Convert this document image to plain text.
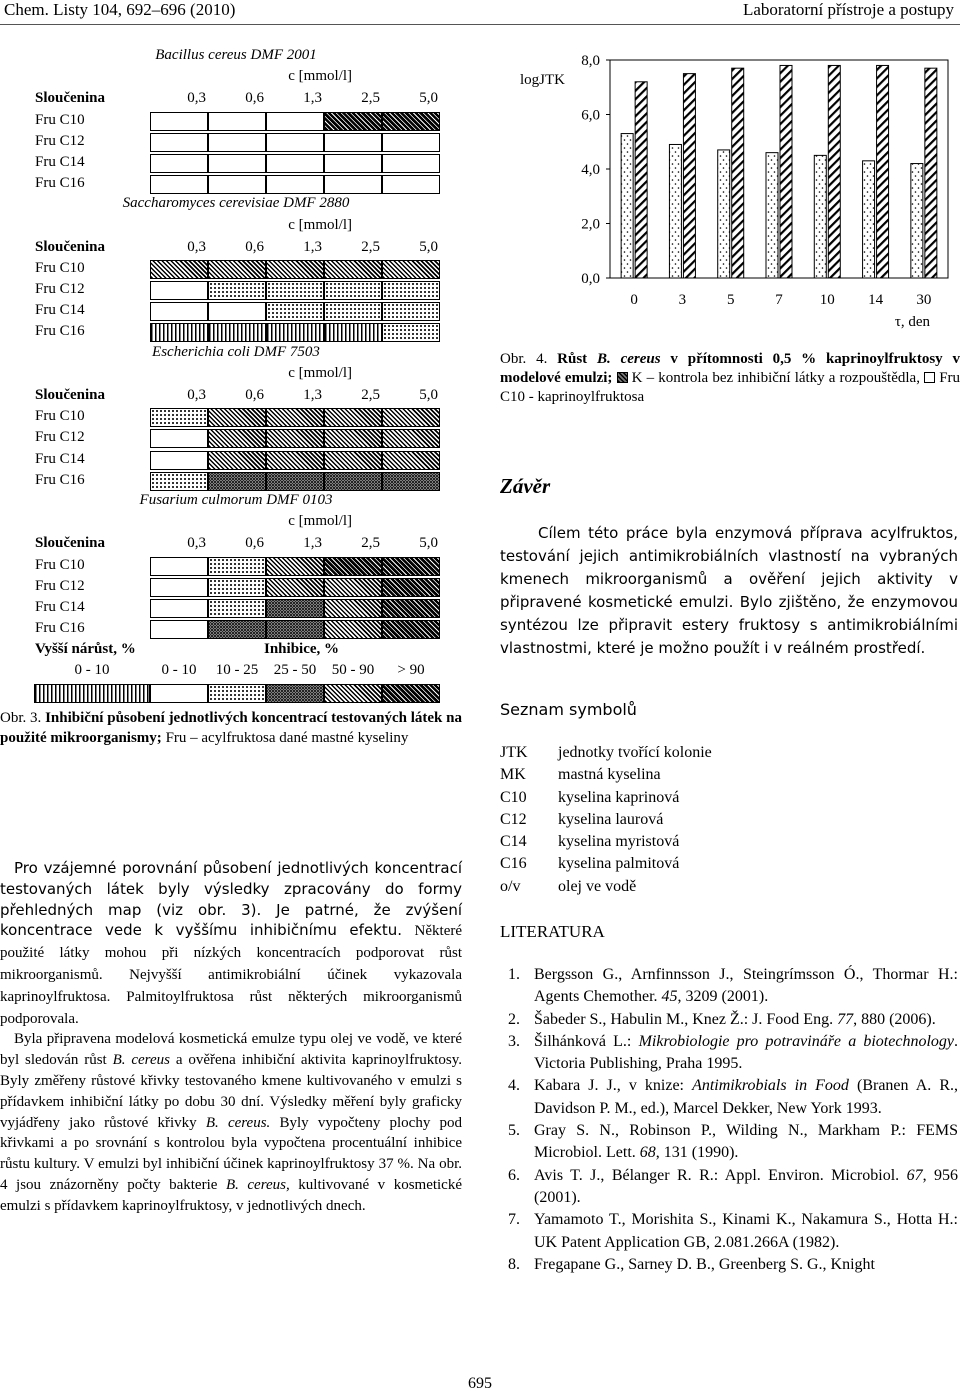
Chem. Listy 104, 692–696 (2010)	Laboratorní přístroje a postupy
Bacillus cereus DMF 2001
c [mmol/l]
Sloučenina	0,3	0,6	1,3	2,5	5,0
Fru C10
Fru C12
Fru C14
Fru C16
Saccharomyces cerevisiae DMF 2880
c [mmol/l]
Sloučenina	0,3	0,6	1,3	2,5	5,0
Fru C10
Fru C12
Fru C14
Fru C16
Escherichia coli DMF 7503
c [mmol/l]
Sloučenina	0,3	0,6	1,3	2,5	5,0
Fru C10
Fru C12
Fru C14
Fru C16
Fusarium culmorum DMF 0103
c [mmol/l]
Sloučenina	0,3	0,6	1,3	2,5	5,0
Fru C10
Fru C12
Fru C14
Fru C16
Vyšší nárůst, %	Inhibice, %
0 - 10	0 - 10	10 - 25	25 - 50	50 - 90	> 90
Obr. 3. Inhibiční působení jednotlivých koncentrací testovaných látek na použité mikroorganismy; Fru – acylfruktosa dané mastné kyseliny

Pro vzájemné porovnání působení jednotlivých koncentrací testovaných látek byly výsledky zpracovány do formy přehledných map (viz obr. 3). Je patrné, že zvýšení koncentrace vede k vyššímu inhibičnímu efektu. Některé použité látky mohou při nízkých koncentracích podporovat růst mikroorganismů. Nejvyšší antimikrobiální účinek vykazovala kaprinoylfruktosa. Palmitoylfruktosa růst některých mikroorganismů podporovala.

Byla připravena modelová kosmetická emulze typu olej ve vodě, ve které byl sledován růst B. cereus a ověřena inhibiční aktivita kaprinoylfruktosy. Byly změřeny růstové křivky testovaného kmene kultivovaného v emulzi s přídavkem inhibiční látky po dobu 30 dní. Výsledky měření byly graficky vyjádřeny jako růstové křivky B. cereus. Byly vypočteny plochy pod křivkami a po srovnání s kontrolou byla vypočtena procentuální inhibice růstu kultury. V emulzi byl inhibiční účinek kaprinoylfruktosy 37 %. Na obr. 4 jsou znázorněny počty bakterie B. cereus, kultivované v kosmetické emulzi s přídavkem kaprinoylfruktosy, v jednotlivých dnech.

0,0
2,0
4,0
6,0
8,0
logJTK
0	3	5	7 10 14 30
τ, den
Obr. 4. Růst B. cereus v přítomnosti 0,5 % kaprinoylfruktosy v modelové emulzi; K – kontrola bez inhibiční látky a rozpouštědla, Fru C10 - kaprinoylfruktosa
Závěr

Cílem této práce byla enzymová příprava acylfruktos, testování jejich antimikrobiálních vlastností na vybraných kmenech mikroorganismů a ověření jejich aktivity v připravené kosmetické emulzi. Bylo zjištěno, že enzymovou syntézou lze připravit estery fruktosy s antimikrobiálními vlastnostmi, které je možno použít i v reálném prostředí.

Seznam symbolů
JTK jednotky tvořící kolonie
MK mastná kyselina
C10 kyselina kaprinová
C12 kyselina laurová
C14 kyselina myristová
C16 kyselina palmitová
o/v olej ve vodě
LITERATURA
1. Bergsson G., Arnfinnsson J., Steingrímsson Ó., Thormar H.: Agents Chemother. 45, 3209 (2001).
2. Šabeder S., Habulin M., Knez Ž.: J. Food Eng. 77, 880 (2006).
3. Šilhánková L.: Mikrobiologie pro potravináře a biotechnology. Victoria Publishing, Praha 1995.
4. Kabara J. J., v knize: Antimikrobials in Food (Branen A. R., Davidson P. M., ed.), Marcel Dekker, New York 1993.
5. Gray S. N., Robinson P., Wilding N., Markham P.: FEMS Microbiol. Lett. 68, 131 (1990).
6. Avis T. J., Bélanger R. R.: Appl. Environ. Microbiol. 67, 956 (2001).
7. Yamamoto T., Morishita S., Kinami K., Nakamura S., Hotta H.: UK Patent Application GB, 2.081.266A (1982).
8. Fregapane G., Sarney D. B., Greenberg S. G., Knight
695
